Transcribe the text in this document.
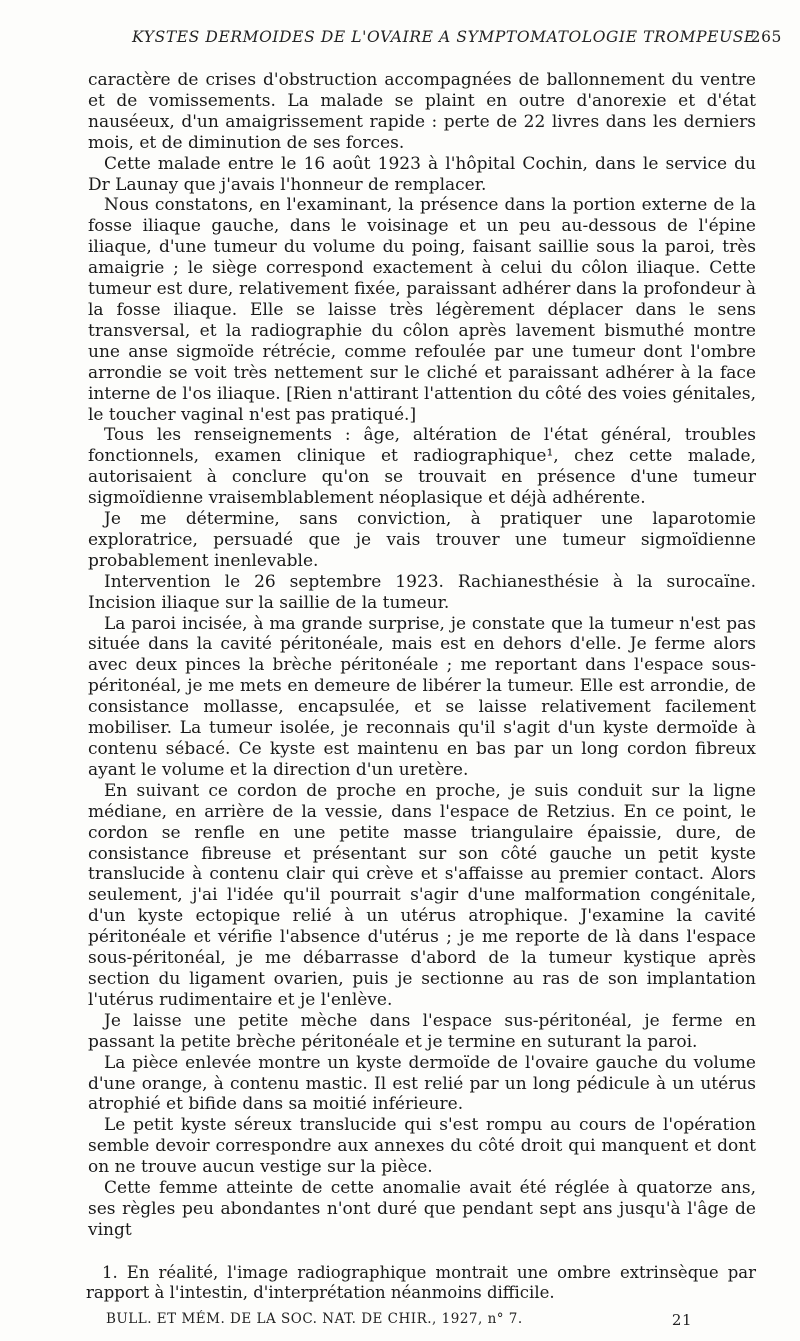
KYSTES DERMOIDES DE L'OVAIRE A SYMPTOMATOLOGIE TROMPEUSE
265

caractère de crises d'obstruction accompagnées de ballonnement du ventre et de vomissements. La malade se plaint en outre d'anorexie et d'état nauséeux, d'un amaigrissement rapide : perte de 22 livres dans les derniers mois, et de diminution de ses forces.

Cette malade entre le 16 août 1923 à l'hôpital Cochin, dans le service du Dr Launay que j'avais l'honneur de remplacer.

Nous constatons, en l'examinant, la présence dans la portion externe de la fosse iliaque gauche, dans le voisinage et un peu au-dessous de l'épine iliaque, d'une tumeur du volume du poing, faisant saillie sous la paroi, très amaigrie ; le siège correspond exactement à celui du côlon iliaque. Cette tumeur est dure, relativement fixée, paraissant adhérer dans la profondeur à la fosse iliaque. Elle se laisse très légèrement déplacer dans le sens transversal, et la radiographie du côlon après lavement bismuthé montre une anse sigmoïde rétrécie, comme refoulée par une tumeur dont l'ombre arrondie se voit très nettement sur le cliché et paraissant adhérer à la face interne de l'os iliaque. [Rien n'attirant l'attention du côté des voies génitales, le toucher vaginal n'est pas pratiqué.]

Tous les renseignements : âge, altération de l'état général, troubles fonctionnels, examen clinique et radiographique¹, chez cette malade, autorisaient à conclure qu'on se trouvait en présence d'une tumeur sigmoïdienne vraisemblablement néoplasique et déjà adhérente.

Je me détermine, sans conviction, à pratiquer une laparotomie exploratrice, persuadé que je vais trouver une tumeur sigmoïdienne probablement inenlevable.

Intervention le 26 septembre 1923. Rachianesthésie à la surocaïne. Incision iliaque sur la saillie de la tumeur.

La paroi incisée, à ma grande surprise, je constate que la tumeur n'est pas située dans la cavité péritonéale, mais est en dehors d'elle. Je ferme alors avec deux pinces la brèche péritonéale ; me reportant dans l'espace sous-péritonéal, je me mets en demeure de libérer la tumeur. Elle est arrondie, de consistance mollasse, encapsulée, et se laisse relativement facilement mobiliser. La tumeur isolée, je reconnais qu'il s'agit d'un kyste dermoïde à contenu sébacé. Ce kyste est maintenu en bas par un long cordon fibreux ayant le volume et la direction d'un uretère.

En suivant ce cordon de proche en proche, je suis conduit sur la ligne médiane, en arrière de la vessie, dans l'espace de Retzius. En ce point, le cordon se renfle en une petite masse triangulaire épaissie, dure, de consistance fibreuse et présentant sur son côté gauche un petit kyste translucide à contenu clair qui crève et s'affaisse au premier contact. Alors seulement, j'ai l'idée qu'il pourrait s'agir d'une malformation congénitale, d'un kyste ectopique relié à un utérus atrophique. J'examine la cavité péritonéale et vérifie l'absence d'utérus ; je me reporte de là dans l'espace sous-péritonéal, je me débarrasse d'abord de la tumeur kystique après section du ligament ovarien, puis je sectionne au ras de son implantation l'utérus rudimentaire et je l'enlève.

Je laisse une petite mèche dans l'espace sus-péritonéal, je ferme en passant la petite brèche péritonéale et je termine en suturant la paroi.

La pièce enlevée montre un kyste dermoïde de l'ovaire gauche du volume d'une orange, à contenu mastic. Il est relié par un long pédicule à un utérus atrophié et bifide dans sa moitié inférieure.

Le petit kyste séreux translucide qui s'est rompu au cours de l'opération semble devoir correspondre aux annexes du côté droit qui manquent et dont on ne trouve aucun vestige sur la pièce.

Cette femme atteinte de cette anomalie avait été réglée à quatorze ans, ses règles peu abondantes n'ont duré que pendant sept ans jusqu'à l'âge de vingt

1. En réalité, l'image radiographique montrait une ombre extrinsèque par rapport à l'intestin, d'interprétation néanmoins difficile.

BULL. ET MÉM. DE LA SOC. NAT. DE CHIR., 1927, n° 7.	21
